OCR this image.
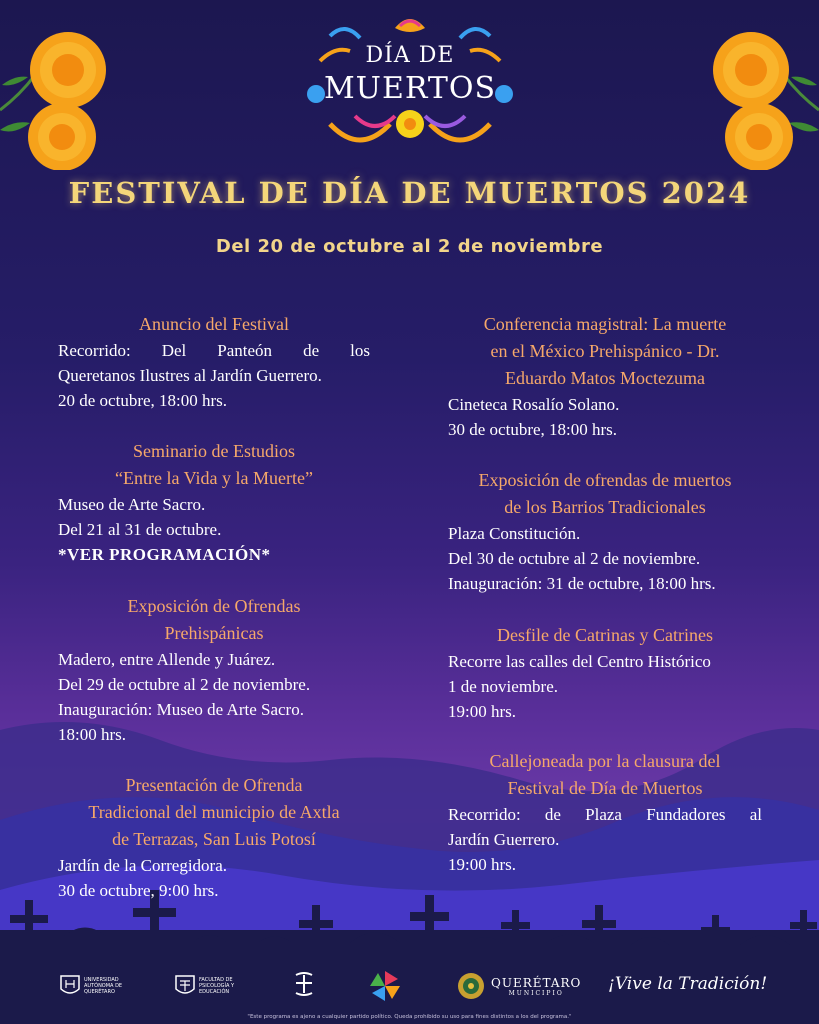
DÍA DE
MUERTOS
FESTIVAL DE DÍA DE MUERTOS 2024
Del 20 de octubre al 2 de noviembre
Anuncio del Festival
Recorrido: Del Panteón de los
Queretanos Ilustres al Jardín Guerrero.
20 de octubre, 18:00 hrs.
Seminario de Estudios
“Entre la Vida y la Muerte”
Museo de Arte Sacro.
Del 21 al 31 de octubre.
*VER PROGRAMACIÓN*
Exposición de Ofrendas
Prehispánicas
Madero, entre Allende y Juárez.
Del 29 de octubre al 2 de noviembre.
Inauguración: Museo de Arte Sacro.
18:00 hrs.
Presentación de Ofrenda
Tradicional del municipio de Axtla
de Terrazas, San Luis Potosí
Jardín de la Corregidora.
30 de octubre, 9:00 hrs.
Conferencia magistral: La muerte
en el México Prehispánico - Dr.
Eduardo Matos Moctezuma
Cineteca Rosalío Solano.
30 de octubre, 18:00 hrs.
Exposición de ofrendas de muertos
de los Barrios Tradicionales
Plaza Constitución.
Del 30 de octubre al 2 de noviembre.
Inauguración: 31 de octubre, 18:00 hrs.
Desfile de Catrinas y Catrines
Recorre las calles del Centro Histórico
1 de noviembre.
19:00 hrs.
Callejoneada por la clausura del
Festival de Día de Muertos
Recorrido: de Plaza Fundadores al
Jardín Guerrero.
19:00 hrs.
UNIVERSIDAD AUTÓNOMA DE QUERÉTARO
FACULTAD DE PSICOLOGÍA Y EDUCACIÓN
QUERÉTARO
MUNICIPIO	¡Vive la Tradición!
"Este programa es ajeno a cualquier partido político. Queda prohibido su uso para fines distintos a los del programa."
